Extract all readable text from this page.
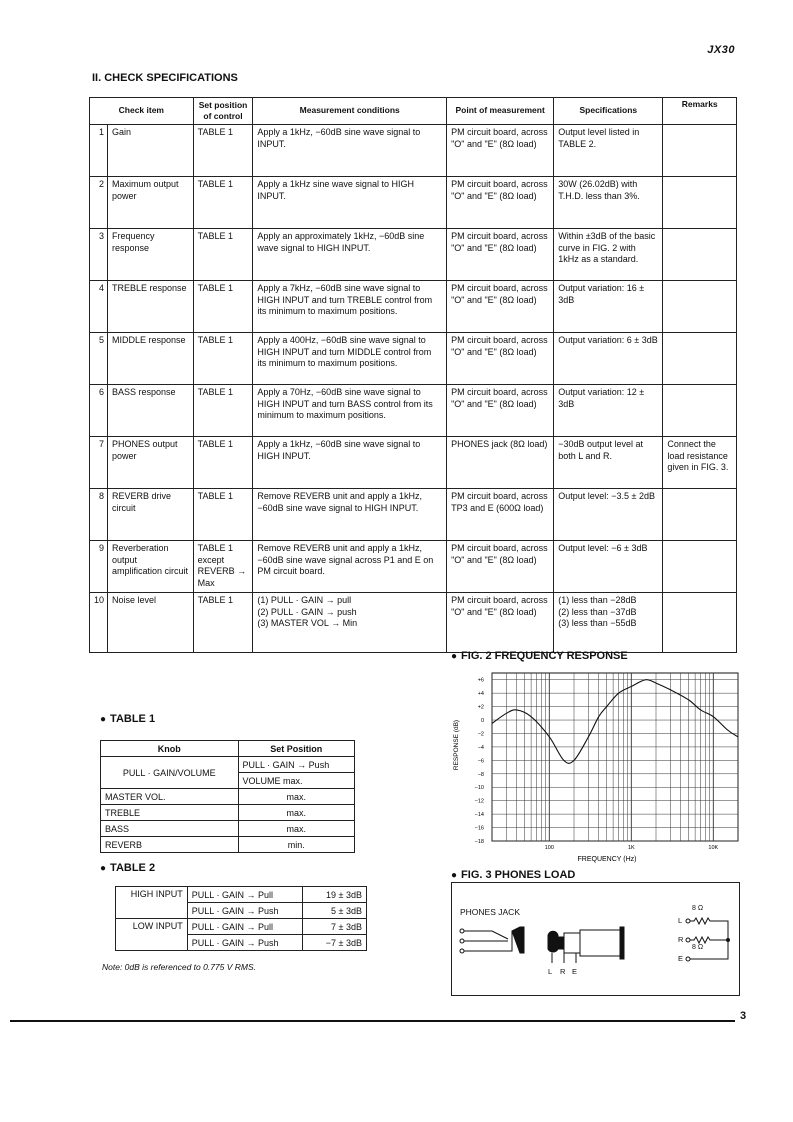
JX30
II. CHECK SPECIFICATIONS
Check item		Set position of control	Measurement conditions	Point of measurement	Specifications	Remarks
1	Gain	TABLE 1	Apply a 1kHz, −60dB sine wave signal to INPUT.	PM circuit board, across "O" and "E" (8Ω load)	Output level listed in TABLE 2.	
2	Maximum output power	TABLE 1	Apply a 1kHz sine wave signal to HIGH INPUT.	PM circuit board, across "O" and "E" (8Ω load)	30W (26.02dB) with T.H.D. less than 3%.	
3	Frequency response	TABLE 1	Apply an approximately 1kHz, −60dB sine wave signal to HIGH INPUT.	PM circuit board, across "O" and "E" (8Ω load)	Within ±3dB of the basic curve in FIG. 2 with 1kHz as a standard.	
4	TREBLE response	TABLE 1	Apply a 7kHz, −60dB sine wave signal to HIGH INPUT and turn TREBLE control from its minimum to maximum positions.	PM circuit board, across "O" and "E" (8Ω load)	Output variation: 16 ± 3dB	
5	MIDDLE response	TABLE 1	Apply a 400Hz, −60dB sine wave signal to HIGH INPUT and turn MIDDLE control from its minimum to maximum positions.	PM circuit board, across "O" and "E" (8Ω load)	Output variation: 6 ± 3dB	
6	BASS response	TABLE 1	Apply a 70Hz, −60dB sine wave signal to HIGH INPUT and turn BASS control from its minimum to maximum positions.	PM circuit board, across "O" and "E" (8Ω load)	Output variation: 12 ± 3dB	
7	PHONES output power	TABLE 1	Apply a 1kHz, −60dB sine wave signal to HIGH INPUT.	PHONES jack (8Ω load)	−30dB output level at both L and R.	Connect the load resistance given in FIG. 3.
8	REVERB drive circuit	TABLE 1	Remove REVERB unit and apply a 1kHz, −60dB sine wave signal to HIGH INPUT.	PM circuit board, across TP3 and E (600Ω load)	Output level: −3.5 ± 2dB	
9	Reverberation output amplification circuit	TABLE 1 except REVERB → Max	Remove REVERB unit and apply a 1kHz, −60dB sine wave signal across P1 and E on PM circuit board.	PM circuit board, across "O" and "E" (8Ω load)	Output level: −6 ± 3dB	
10	Noise level	TABLE 1	(1) PULL · GAIN → pull
(2) PULL · GAIN → push
(3) MASTER VOL → Min	PM circuit board, across "O" and "E" (8Ω load)	(1) less than −28dB
(2) less than −37dB
(3) less than −55dB	
● TABLE 1
Knob	Set Position
PULL · GAIN/VOLUME	PULL · GAIN → Push
	VOLUME max.
MASTER VOL.	max.
TREBLE	max.
BASS	max.
REVERB	min.
● TABLE 2
HIGH INPUT	PULL · GAIN → Pull	19 ± 3dB
	PULL · GAIN → Push	5 ± 3dB
LOW INPUT	PULL · GAIN → Pull	7 ± 3dB
	PULL · GAIN → Push	−7 ± 3dB
Note: 0dB is referenced to 0.775 V RMS.
● FIG. 2 FREQUENCY RESPONSE
+6
+4
+2
0
−2
−4
−6
−8
−10
−12
−14
−16
−18
100	1K	10K
RESPONSE (dB)
FREQUENCY (Hz)
● FIG. 3 PHONES LOAD
PHONES JACK
L R E
8 Ω
8 Ω
L
R
E
3
